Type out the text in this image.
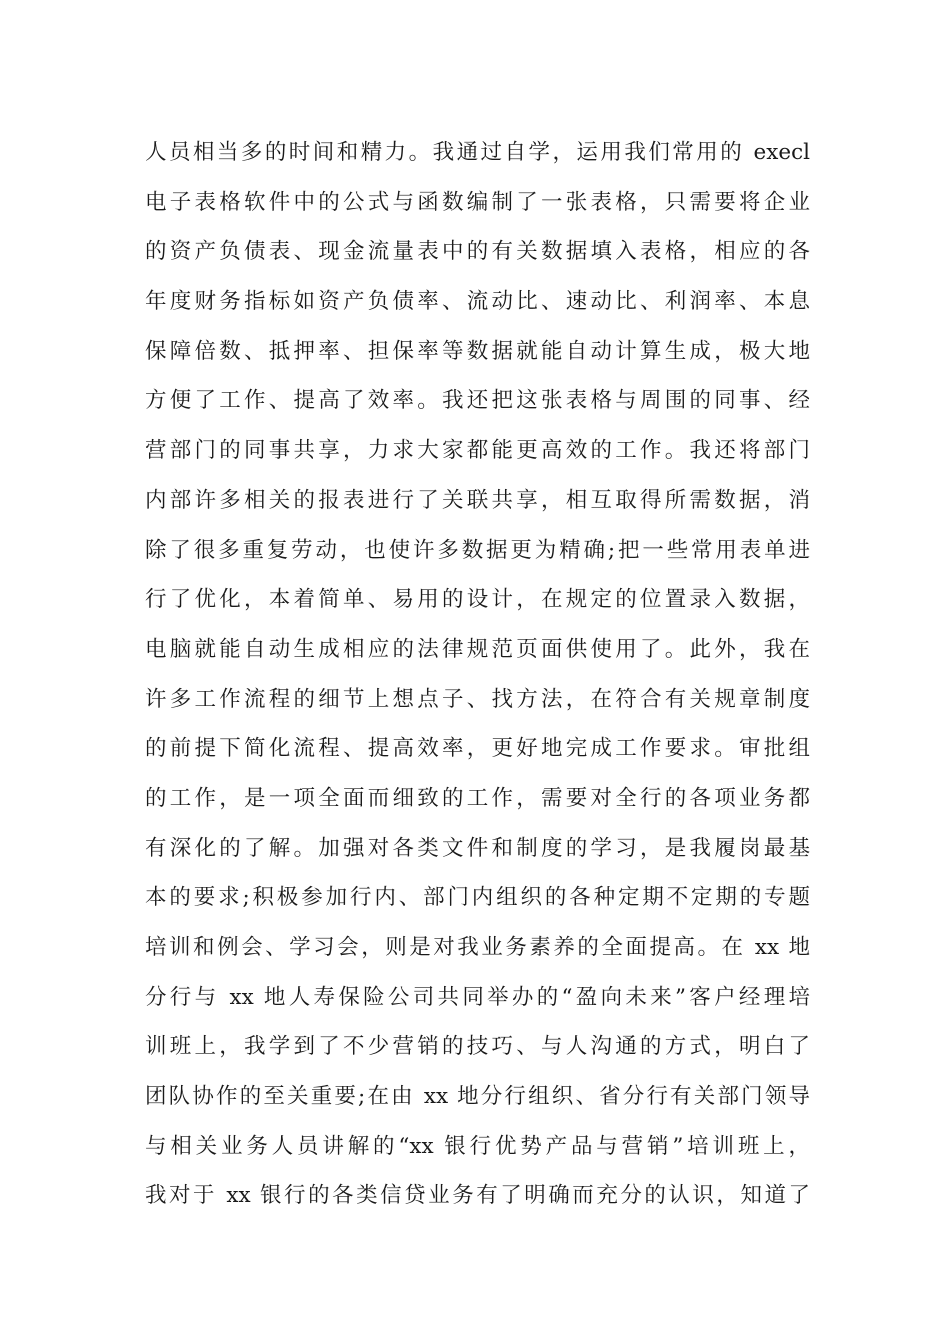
人员相当多的时间和精力。我通过自学，运用我们常用的 execl
电子表格软件中的公式与函数编制了一张表格，只需要将企业
的资产负债表、现金流量表中的有关数据填入表格，相应的各
年度财务指标如资产负债率、流动比、速动比、利润率、本息
保障倍数、抵押率、担保率等数据就能自动计算生成，极大地
方便了工作、提高了效率。我还把这张表格与周围的同事、经
营部门的同事共享，力求大家都能更高效的工作。我还将部门
内部许多相关的报表进行了关联共享，相互取得所需数据，消
除了很多重复劳动，也使许多数据更为精确;把一些常用表单进
行了优化，本着简单、易用的设计，在规定的位置录入数据，
电脑就能自动生成相应的法律规范页面供使用了。此外，我在
许多工作流程的细节上想点子、找方法，在符合有关规章制度
的前提下简化流程、提高效率，更好地完成工作要求。审批组
的工作，是一项全面而细致的工作，需要对全行的各项业务都
有深化的了解。加强对各类文件和制度的学习，是我履岗最基
本的要求;积极参加行内、部门内组织的各种定期不定期的专题
培训和例会、学习会，则是对我业务素养的全面提高。在 xx 地
分行与 xx 地人寿保险公司共同举办的“盈向未来”客户经理培
训班上，我学到了不少营销的技巧、与人沟通的方式，明白了
团队协作的至关重要;在由 xx 地分行组织、省分行有关部门领导
与相关业务人员讲解的“xx 银行优势产品与营销”培训班上，
我对于 xx 银行的各类信贷业务有了明确而充分的认识，知道了
